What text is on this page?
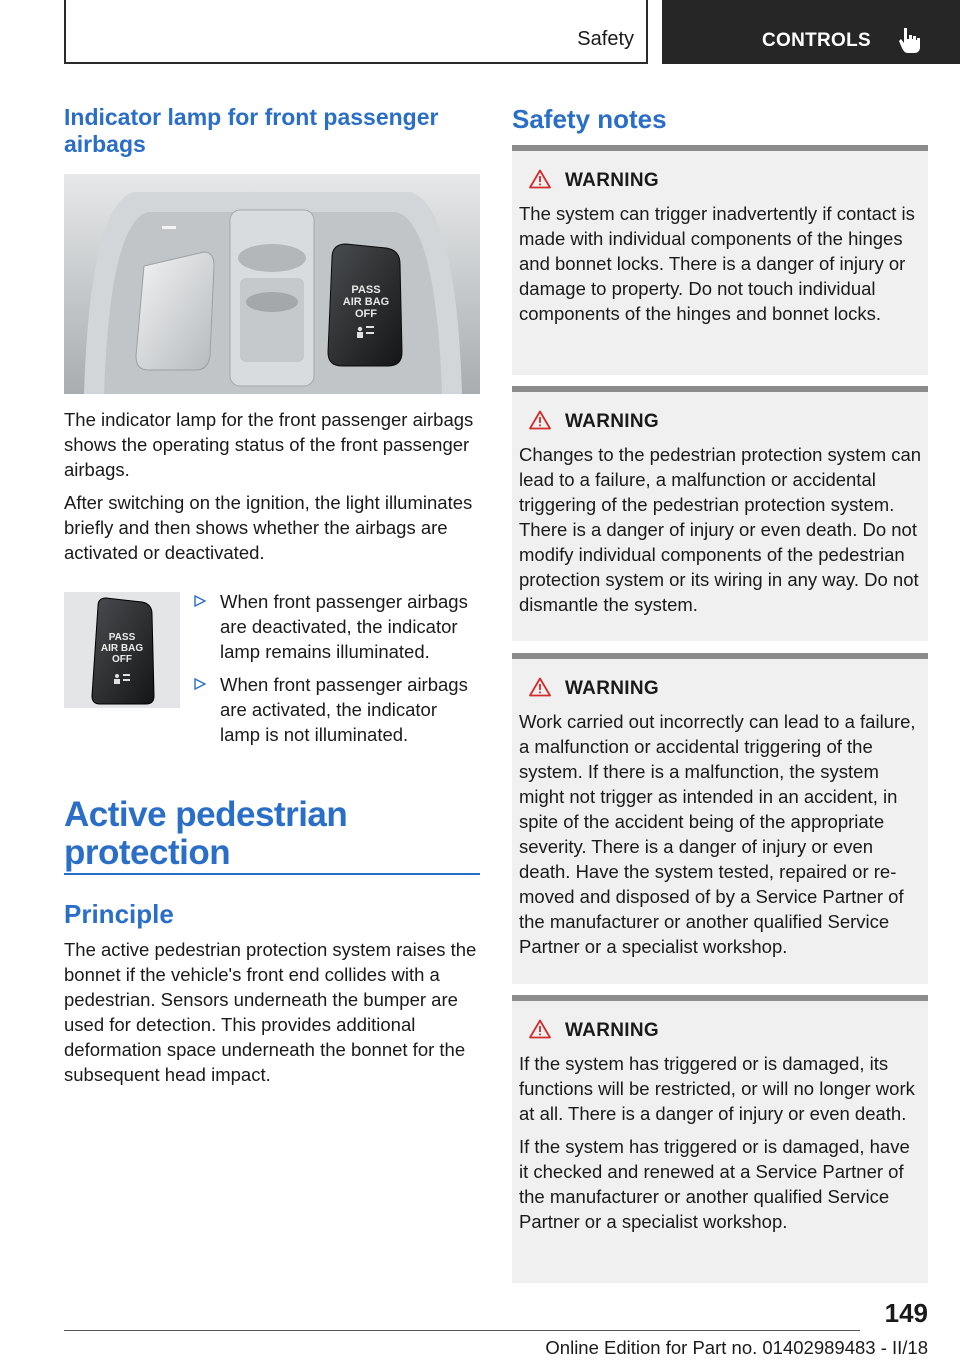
Safety	CONTROLS
Indicator lamp for front passenger airbags
PASS
AIR BAG
OFF

The indicator lamp for the front passenger airbags shows the operating status of the front passenger airbags.

After switching on the ignition, the light illuminates briefly and then shows whether the airbags are activated or deactivated.

PASS
AIR BAG
OFF

When front passenger airbags are deactivated, the indicator lamp remains illuminated.

When front passenger airbags are activated, the indicator lamp is not illuminated.

Active pedestrian protection
Principle

The active pedestrian protection system raises the bonnet if the vehicle's front end collides with a pedestrian. Sensors underneath the bumper are used for detection. This provides additional deformation space underneath the bonnet for the subsequent head impact.

Safety notes
WARNING

The system can trigger inadvertently if contact is made with individual components of the hinges and bonnet locks. There is a danger of injury or damage to property. Do not touch individual components of the hinges and bonnet locks.

WARNING

Changes to the pedestrian protection system can lead to a failure, a malfunction or accidental triggering of the pedestrian protection system. There is a danger of injury or even death. Do not modify individual components of the pedestrian protection system or its wiring in any way. Do not dismantle the system.

WARNING

Work carried out incorrectly can lead to a failure, a malfunction or accidental triggering of the system. If there is a malfunction, the system might not trigger as intended in an accident, in spite of the accident being of the appropriate severity. There is a danger of injury or even death. Have the system tested, repaired or removed and disposed of by a Service Partner of the manufacturer or another qualified Service Partner or a specialist workshop.

WARNING

If the system has triggered or is damaged, its functions will be restricted, or will no longer work at all. There is a danger of injury or even death.

If the system has triggered or is damaged, have it checked and renewed at a Service Partner of the manufacturer or another qualified Service Partner or a specialist workshop.

149
Online Edition for Part no. 01402989483 - II/18
